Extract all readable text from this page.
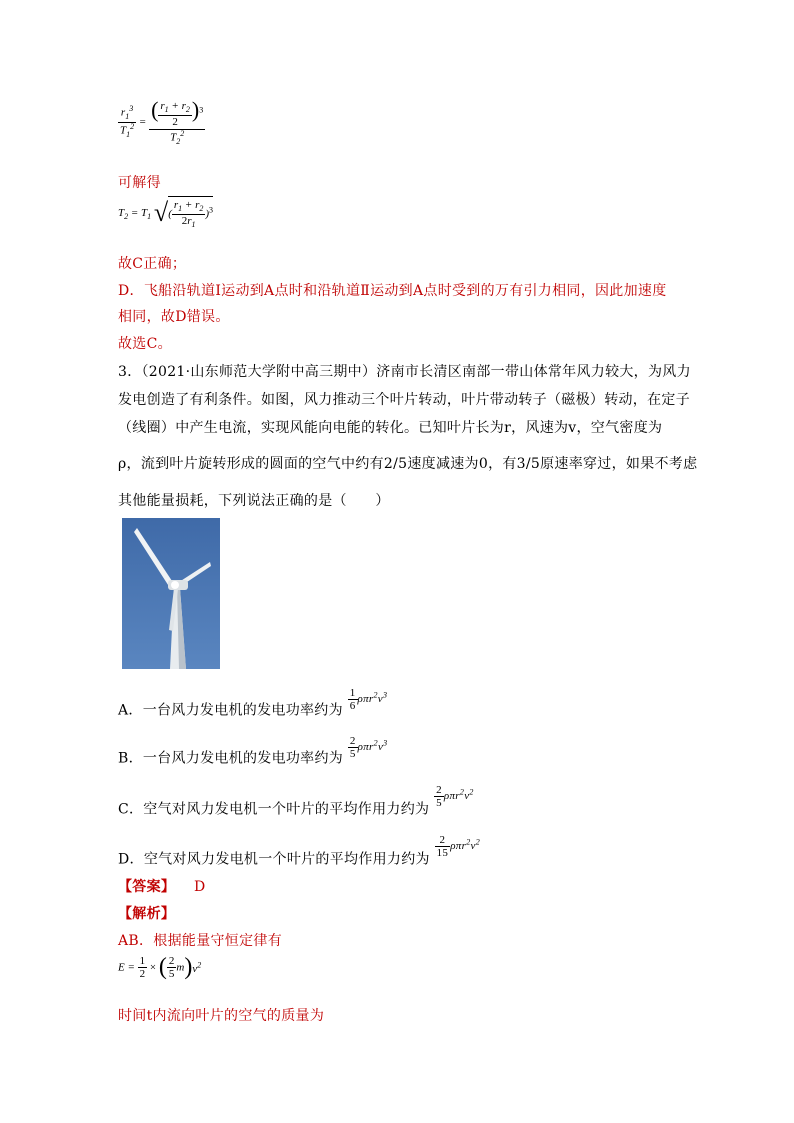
$\frac{r_1^3}{T_1^2} = \frac{( \frac{r_1 + r_2}{2} )^3}{T_2^2}$
可解得
$T_2 = T_1$ √( $\frac{r_1 + r_2}{2r_1} )^3$
故C正确；
D．飞船沿轨道Ⅰ运动到A点时和沿轨道Ⅱ运动到A点时受到的万有引力相同，因此加速度
相同，故D错误。
故选C。
3．（2021·山东师范大学附中高三期中）济南市长清区南部一带山体常年风力较大，为风力
发电创造了有利条件。如图，风力推动三个叶片转动，叶片带动转子（磁极）转动，在定子
（线圈）中产生电流，实现风能向电能的转化。已知叶片长为r，风速为v，空气密度为
ρ，流到叶片旋转形成的圆面的空气中约有2/5速度减速为0，有3/5原速率穿过，如果不考虑
其他能量损耗，下列说法正确的是（　　）
A．一台风力发电机的发电功率约为 $^{\frac{1}{6} \rho\pi r^2v^3}$
B．一台风力发电机的发电功率约为 $^{\frac{2}{5} \rho\pi r^2v^3}$
C．空气对风力发电机一个叶片的平均作用力约为
$^{\frac{2}{5} \rho\pi r^2v^2}$
D．空气对风力发电机一个叶片的平均作用力约为
$^{\frac{2}{15} \rho\pi r^2v^2}$
【答案】 D
【解析】
AB．根据能量守恒定律有
$E = \frac{1}{2}$ × ( $\frac{2}{5} m)v^2$
时间t内流向叶片的空气的质量为
